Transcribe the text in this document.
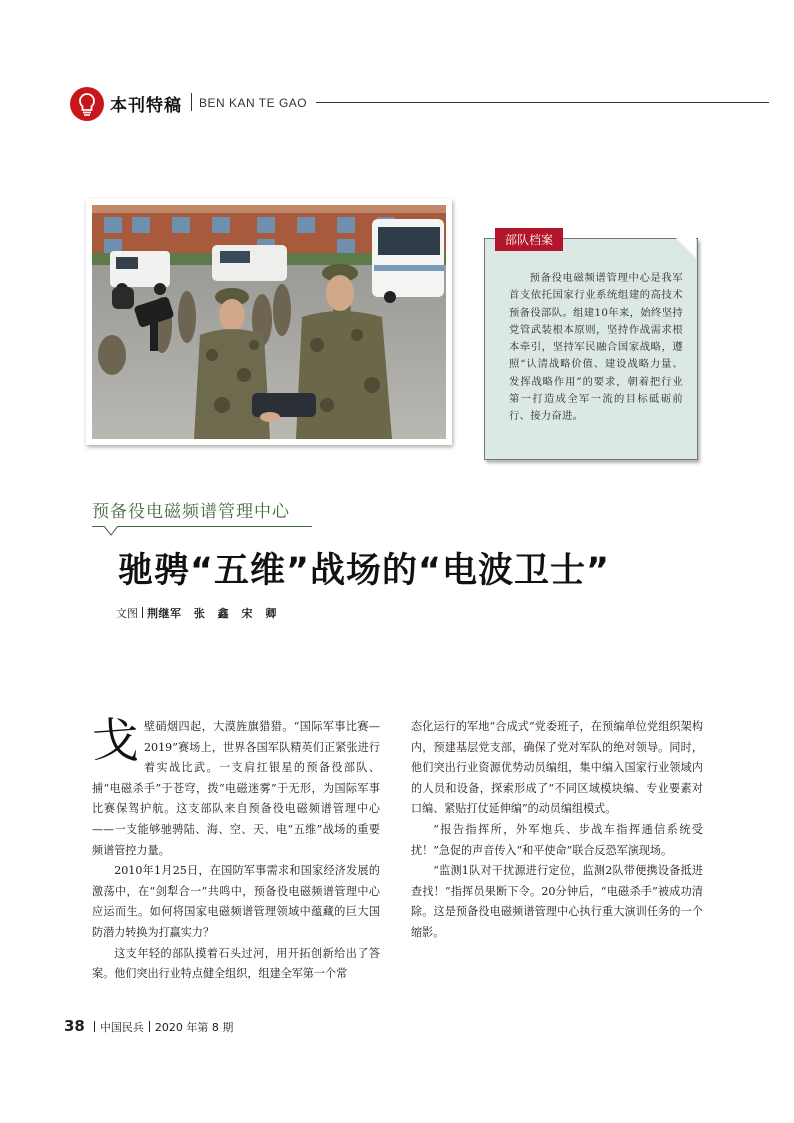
本刊特稿 BEN KAN TE GAO
部队档案
预备役电磁频谱管理中心是我军首支依托国家行业系统组建的高技术预备役部队。组建10年来，始终坚持党管武装根本原则，坚持作战需求根本牵引，坚持军民融合国家战略，遵照“认清战略价值、建设战略力量、发挥战略作用”的要求，朝着把行业第一打造成全军一流的目标砥砺前行、接力奋进。
预备役电磁频谱管理中心
驰骋“五维”战场的“电波卫士”
文图 荆继军 张 鑫 宋 卿

戈壁硝烟四起，大漠旌旗猎猎。“国际军事比赛—2019”赛场上，世界各国军队精英们正紧张进行着实战比武。一支肩扛银星的预备役部队、捕“电磁杀手”于苍穹，拨“电磁迷雾”于无形，为国际军事比赛保驾护航。这支部队来自预备役电磁频谱管理中心——一支能够驰骋陆、海、空、天、电“五维”战场的重要频谱管控力量。

2010年1月25日，在国防军事需求和国家经济发展的激荡中，在“剑犁合一”共鸣中，预备役电磁频谱管理中心应运而生。如何将国家电磁频谱管理领域中蕴藏的巨大国防潜力转换为打赢实力？

这支年轻的部队摸着石头过河，用开拓创新给出了答案。他们突出行业特点健全组织，组建全军第一个常

态化运行的军地“合成式”党委班子，在预编单位党组织架构内，预建基层党支部，确保了党对军队的绝对领导。同时，他们突出行业资源优势动员编组，集中编入国家行业领域内的人员和设备，探索形成了“不同区域模块编、专业要素对口编、紧贴打仗延伸编”的动员编组模式。

“报告指挥所，外军炮兵、步战车指挥通信系统受扰！”急促的声音传入“和平使命”联合反恐军演现场。

“监测1队对干扰源进行定位，监测2队带便携设备抵进查找！”指挥员果断下令。20分钟后，“电磁杀手”被成功清除。这是预备役电磁频谱管理中心执行重大演训任务的一个缩影。

38 中国民兵 2020 年第 8 期
